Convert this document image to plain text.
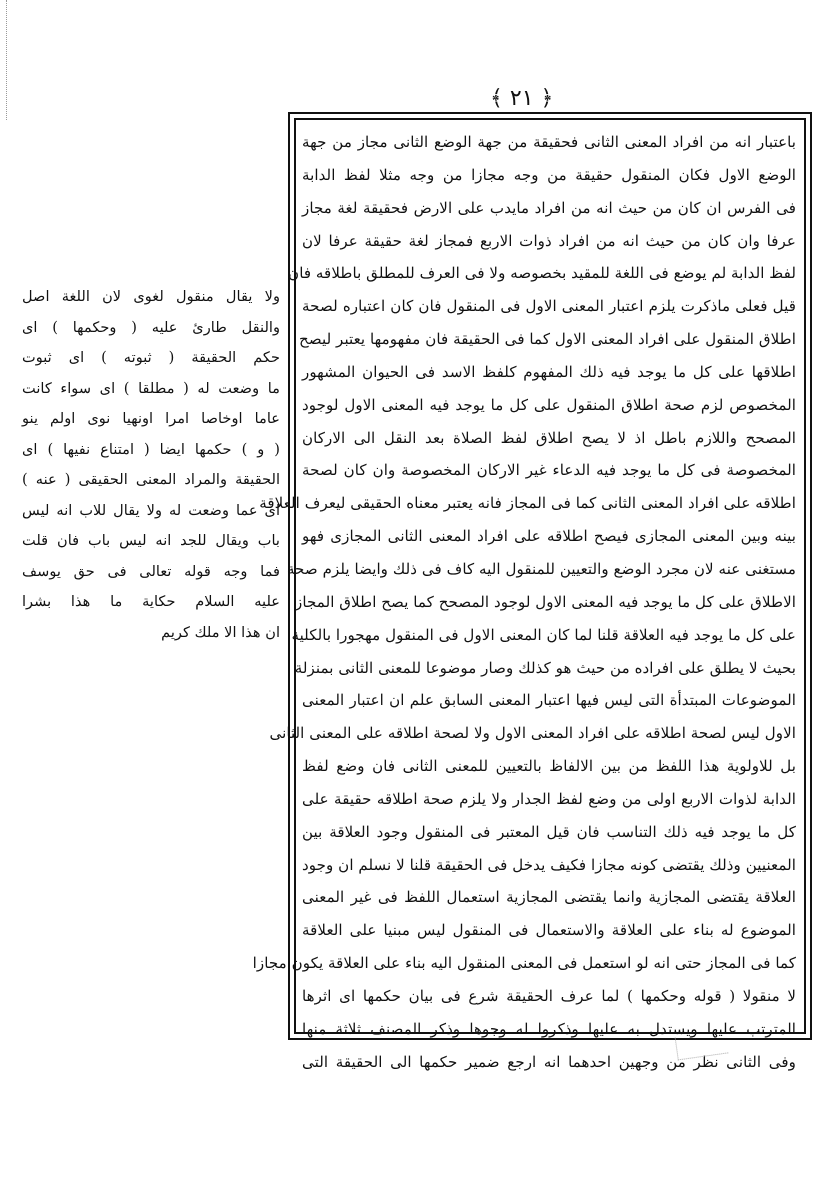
﴿ ۲۱ ﴾
ولا يقال منقول لغوى لان اللغة اصل
والنقل طارئ عليه ( وحكمها ) اى
حكم الحقيقة ( ثبوته ) اى ثبوت
ما وضعت له ( مطلقا ) اى سواء كانت
عاما اوخاصا امرا اونهيا نوى اولم ينو
( و ) حكمها ايضا ( امتناع نفيها ) اى
الحقيقة والمراد المعنى الحقيقى ( عنه )
اى عما وضعت له ولا يقال للاب انه ليس
باب ويقال للجد انه ليس باب فان قلت
فما وجه قوله تعالى فى حق يوسف
عليه السلام حكاية ما هذا بشرا
ان هذا الا ملك كريم
باعتبار انه من افراد المعنى الثانى فحقيقة من جهة الوضع الثانى مجاز من جهة
الوضع الاول فكان المنقول حقيقة من وجه مجازا من وجه مثلا لفظ الدابة
فى الفرس ان كان من حيث انه من افراد مايدب على الارض فحقيقة لغة مجاز
عرفا وان كان من حيث انه من افراد ذوات الاربع فمجاز لغة حقيقة عرفا لان
لفظ الدابة لم يوضع فى اللغة للمقيد بخصوصه ولا فى العرف للمطلق باطلاقه فان
قيل فعلى ماذكرت يلزم اعتبار المعنى الاول فى المنقول فان كان اعتباره لصحة
اطلاق المنقول على افراد المعنى الاول كما فى الحقيقة فان مفهومها يعتبر ليصح
اطلاقها على كل ما يوجد فيه ذلك المفهوم كلفظ الاسد فى الحيوان المشهور
المخصوص لزم صحة اطلاق المنقول على كل ما يوجد فيه المعنى الاول لوجود
المصحح واللازم باطل اذ لا يصح اطلاق لفظ الصلاة بعد النقل الى الاركان
المخصوصة فى كل ما يوجد فيه الدعاء غير الاركان المخصوصة وان كان لصحة
اطلاقه على افراد المعنى الثانى كما فى المجاز فانه يعتبر معناه الحقيقى ليعرف العلاقة
بينه وبين المعنى المجازى فيصح اطلاقه على افراد المعنى الثانى المجازى فهو
مستغنى عنه لان مجرد الوضع والتعيين للمنقول اليه كاف فى ذلك وايضا يلزم صحة
الاطلاق على كل ما يوجد فيه المعنى الاول لوجود المصحح كما يصح اطلاق المجاز
على كل ما يوجد فيه العلاقة قلنا لما كان المعنى الاول فى المنقول مهجورا بالكلية
بحيث لا يطلق على افراده من حيث هو كذلك وصار موضوعا للمعنى الثانى بمنزلة
الموضوعات المبتدأة التى ليس فيها اعتبار المعنى السابق علم ان اعتبار المعنى
الاول ليس لصحة اطلاقه على افراد المعنى الاول ولا لصحة اطلاقه على المعنى الثانى
بل للاولوية هذا اللفظ من بين الالفاظ بالتعيين للمعنى الثانى فان وضع لفظ
الدابة لذوات الاربع اولى من وضع لفظ الجدار ولا يلزم صحة اطلاقه حقيقة على
كل ما يوجد فيه ذلك التناسب فان قيل المعتبر فى المنقول وجود العلاقة بين
المعنيين وذلك يقتضى كونه مجازا فكيف يدخل فى الحقيقة قلنا لا نسلم ان وجود
العلاقة يقتضى المجازية وانما يقتضى المجازية استعمال اللفظ فى غير المعنى
الموضوع له بناء على العلاقة والاستعمال فى المنقول ليس مبنيا على العلاقة
كما فى المجاز حتى انه لو استعمل فى المعنى المنقول اليه بناء على العلاقة يكون مجازا
لا منقولا ( قوله وحكمها ) لما عرف الحقيقة شرع فى بيان حكمها اى اثرها
المترتب عليها ويستدل به عليها وذكروا له وجوها وذكر المصنف ثلاثة منها
وفى الثانى نظر من وجهين احدهما انه ارجع ضمير حكمها الى الحقيقة التى
